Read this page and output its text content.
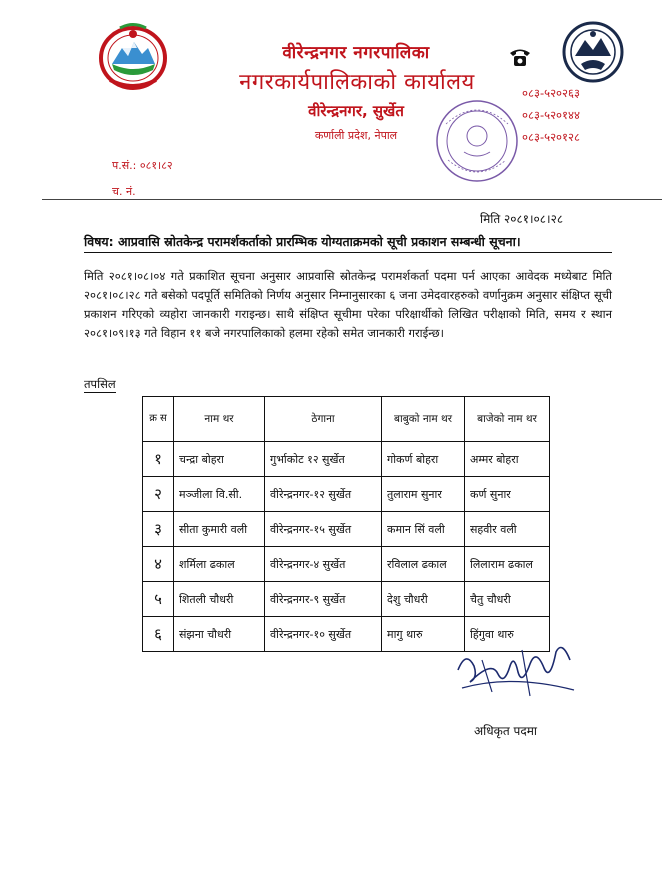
वीरेन्द्रनगर नगरपालिका
नगरकार्यपालिकाको कार्यालय
वीरेन्द्रनगर, सुर्खेत
कर्णाली प्रदेश, नेपाल
०८३-५२०२६३
०८३-५२०१४४
०८३-५२०१२८
प.सं.: ०८१।८२
च. नं.
मिति २०८१।०८।२८
विषय: आप्रवासि स्रोतकेन्द्र परामर्शकर्ताको प्रारम्भिक योग्यताक्रमको सूची प्रकाशन सम्बन्धी सूचना।
मिति २०८१।०८।०४ गते प्रकाशित सूचना अनुसार आप्रवासि स्रोतकेन्द्र परामर्शकर्ता पदमा पर्न आएका आवेदक मध्येबाट मिति २०८१।०८।२८ गते बसेको पदपूर्ति समितिको निर्णय अनुसार निम्नानुसारका ६ जना उमेदवारहरुको वर्णानुक्रम अनुसार संक्षिप्त सूची प्रकाशन गरिएको व्यहोरा जानकारी गराइन्छ। साथै संक्षिप्त सूचीमा परेका परिक्षार्थीको लिखित परीक्षाको मिति, समय र स्थान २०८१।०९।१३ गते विहान ११ बजे नगरपालिकाको हलमा रहेको समेत जानकारी गराईन्छ।
तपसिल
क्र स	नाम थर	ठेगाना	बाबुको नाम थर	बाजेको नाम थर
१	चन्द्रा बोहरा	गुर्भाकोट १२ सुर्खेत	गोकर्ण बोहरा	अम्मर बोहरा
२	मञ्जीला वि.सी.	वीरेन्द्रनगर-१२ सुर्खेत	तुलाराम सुनार	कर्ण सुनार
३	सीता कुमारी वली	वीरेन्द्रनगर-१५ सुर्खेत	कमान सिं वली	सहवीर वली
४	शर्मिला ढकाल	वीरेन्द्रनगर-४ सुर्खेत	रविलाल ढकाल	लिलाराम ढकाल
५	शितली चौधरी	वीरेन्द्रनगर-९ सुर्खेत	देशु चौधरी	चैतु चौधरी
६	संझना चौधरी	वीरेन्द्रनगर-१० सुर्खेत	मागु थारु	हिंगुवा थारु
अधिकृत पदमा
